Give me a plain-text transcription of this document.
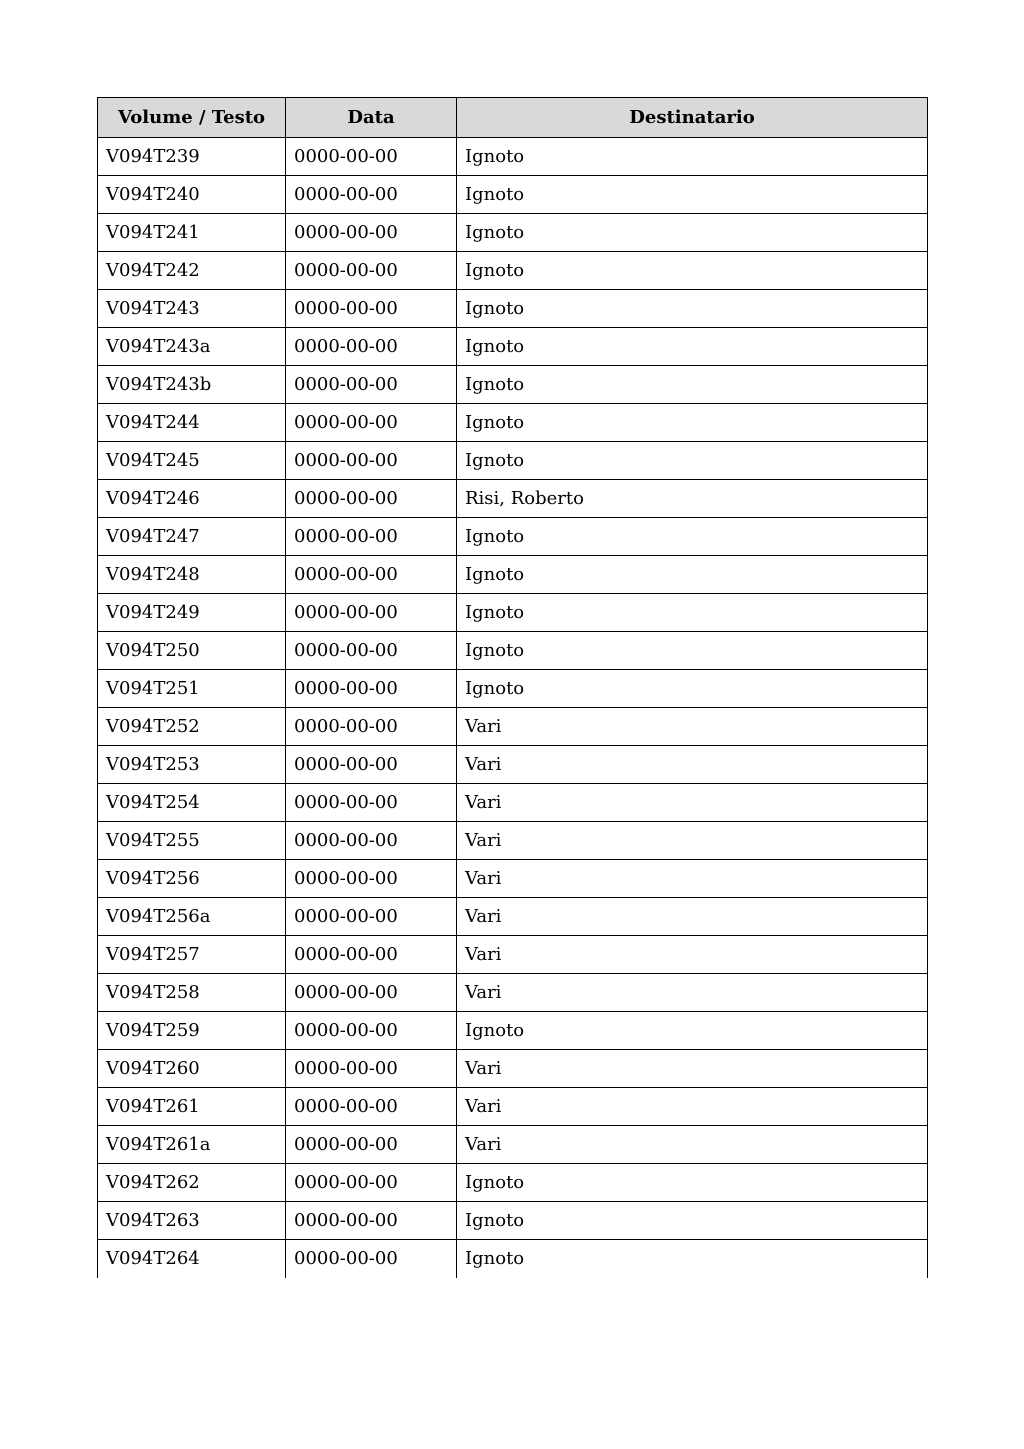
Volume / Testo	Data	Destinatario
V094T239	0000-00-00	Ignoto
V094T240	0000-00-00	Ignoto
V094T241	0000-00-00	Ignoto
V094T242	0000-00-00	Ignoto
V094T243	0000-00-00	Ignoto
V094T243a	0000-00-00	Ignoto
V094T243b	0000-00-00	Ignoto
V094T244	0000-00-00	Ignoto
V094T245	0000-00-00	Ignoto
V094T246	0000-00-00	Risi, Roberto
V094T247	0000-00-00	Ignoto
V094T248	0000-00-00	Ignoto
V094T249	0000-00-00	Ignoto
V094T250	0000-00-00	Ignoto
V094T251	0000-00-00	Ignoto
V094T252	0000-00-00	Vari
V094T253	0000-00-00	Vari
V094T254	0000-00-00	Vari
V094T255	0000-00-00	Vari
V094T256	0000-00-00	Vari
V094T256a	0000-00-00	Vari
V094T257	0000-00-00	Vari
V094T258	0000-00-00	Vari
V094T259	0000-00-00	Ignoto
V094T260	0000-00-00	Vari
V094T261	0000-00-00	Vari
V094T261a	0000-00-00	Vari
V094T262	0000-00-00	Ignoto
V094T263	0000-00-00	Ignoto
V094T264	0000-00-00	Ignoto
